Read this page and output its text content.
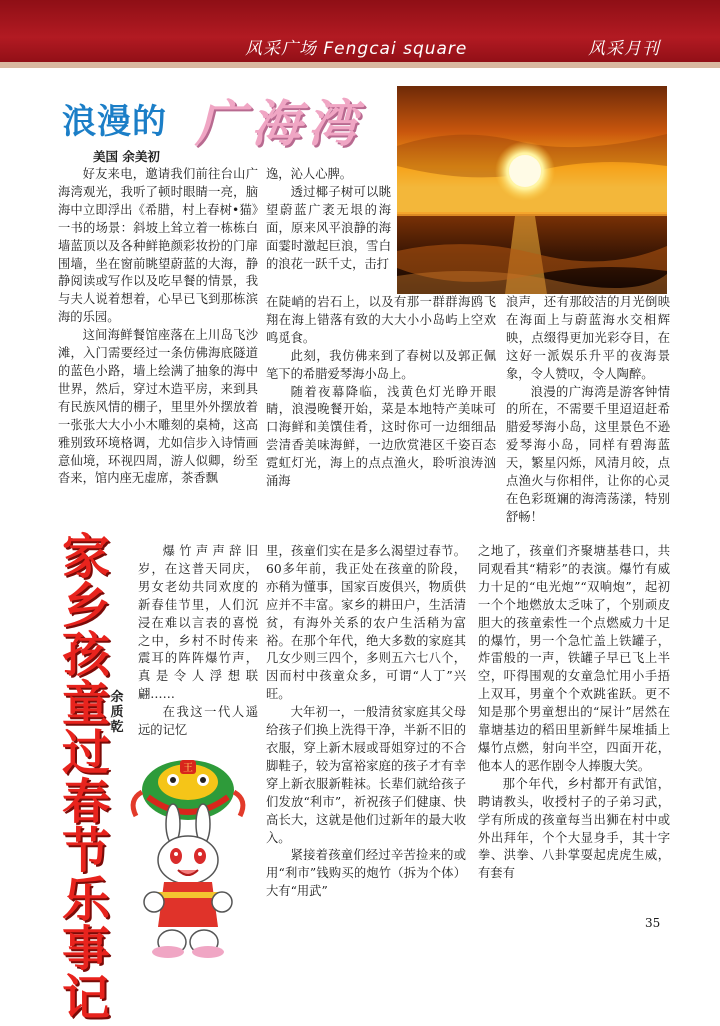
风采广场 Fengcai square	风采月刊
浪漫的 广海湾
美国 余美初

好友来电，邀请我们前往台山广海湾观光，我听了顿时眼睛一亮，脑海中立即浮出《希腊，村上春树•猫》一书的场景：斜坡上耸立着一栋栋白墙蓝顶以及各种鲜艳颜彩妆扮的门扉围墙，坐在窗前眺望蔚蓝的大海，静静阅读或写作以及吃早餐的情景，我与夫人说着想着，心早已飞到那栋滨海的乐园。

这间海鲜餐馆座落在上川岛飞沙滩，入门需要经过一条仿佛海底隧道的蓝色小路，墙上绘满了抽象的海中世界，然后，穿过木造平房，来到具有民族风情的棚子，里里外外摆放着一张张大大小小木雕刻的桌椅，这高雅别致环境格调，尤如信步入诗情画意仙境，环视四周，游人似卿，纷至沓来，馆内座无虚席，茶香飘

逸，沁人心脾。

透过椰子树可以眺望蔚蓝广袤无垠的海面，原来风平浪静的海面霎时激起巨浪，雪白的浪花一跃千丈，击打

在陡峭的岩石上，以及有那一群群海鸥飞翔在海上错落有致的大大小小岛屿上空欢鸣觅食。

此刻，我仿佛来到了春树以及郭正佩笔下的希腊爱琴海小岛上。

随着夜幕降临，浅黄色灯光睁开眼睛，浪漫晚餐开始，菜是本地特产美味可口海鲜和美馔佳肴，这时你可一边细细品尝清香美味海鲜，一边欣赏港区千姿百态霓虹灯光，海上的点点渔火，聆听浪涛汹涌海

浪声，还有那皎洁的月光倒映在海面上与蔚蓝海水交相辉映，点缀得更加光彩夺目，在这好一派娱乐升平的夜海景象，令人赞叹，令人陶醉。

浪漫的广海湾是游客钟情的所在，不需要千里迢迢赶希腊爱琴海小岛，这里景色不逊爱琴海小岛，同样有碧海蓝天，繁星闪烁，风清月皎，点点渔火与你相伴，让你的心灵在色彩斑斓的海湾荡漾，特别舒畅！

家
乡
孩
童
过
春
节
乐
事
记
余质乾

爆竹声声辞旧岁，在这普天同庆，男女老幼共同欢度的新春佳节里，人们沉浸在难以言表的喜悦之中，乡村不时传来震耳的阵阵爆竹声，真是令人浮想联翩……

在我这一代人遥远的记忆

王

里，孩童们实在是多么渴望过春节。60多年前，我正处在孩童的阶段，亦稍为懂事，国家百废俱兴，物质供应并不丰富。家乡的耕田户，生活清贫，有海外关系的农户生活稍为富裕。在那个年代，绝大多数的家庭其几女少则三四个，多则五六七八个，因而村中孩童众多，可谓“人丁”兴旺。

大年初一，一般清贫家庭其父母给孩子们换上洗得干净，半新不旧的衣服，穿上新木屐或哥姐穿过的不合脚鞋子，较为富裕家庭的孩子才有幸穿上新衣服新鞋袜。长辈们就给孩子们发放“利市”，祈祝孩子们健康、快高长大，这就是他们过新年的最大收入。

紧接着孩童们经过辛苦捡来的或用“利市”钱购买的炮竹（拆为个体）大有“用武”

之地了，孩童们齐聚塘基巷口，共同观看其“精彩”的表演。爆竹有威力十足的“电光炮”“双响炮”，起初一个个地燃放太乏味了，个别顽皮胆大的孩童索性一个点燃威力十足的爆竹，男一个急忙盖上铁罐子，炸雷般的一声，铁罐子早已飞上半空，吓得围观的女童急忙用小手捂上双耳，男童个个欢跳雀跃。更不知是那个男童想出的“屎计”居然在靠塘基边的稻田里新鲜牛屎堆插上爆竹点燃，射向半空，四面开花，他本人的恶作剧令人捧腹大笑。

那个年代，乡村都开有武馆，聘请教头，收授村子的子弟习武，学有所成的孩童每当出狮在村中或外出拜年，个个大显身手，其十字拳、洪拳、八卦掌耍起虎虎生威，有套有

35
